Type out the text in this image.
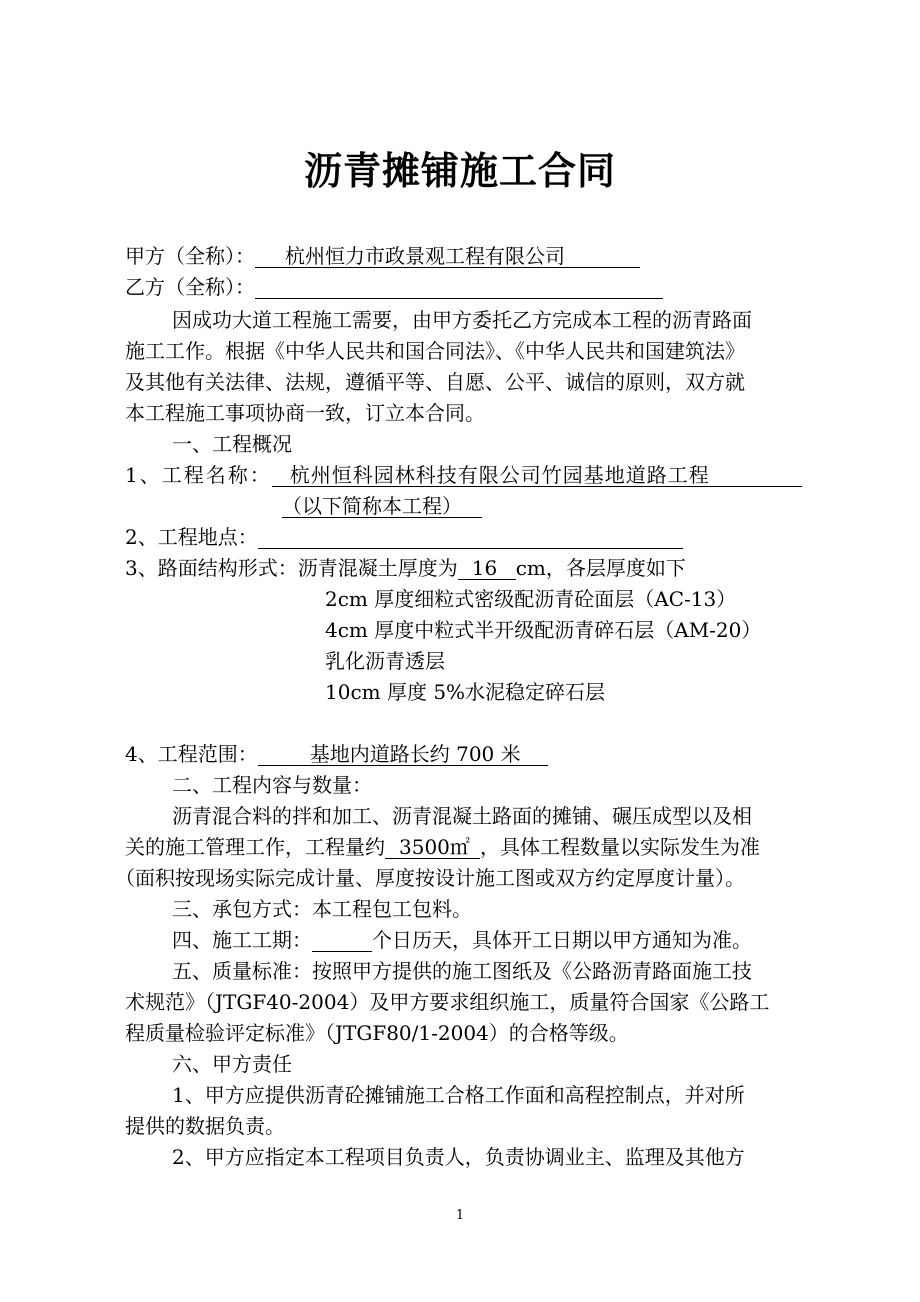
沥青摊铺施工合同
甲方（全称）： 杭州恒力市政景观工程有限公司
乙方（全称）：
因成功大道工程施工需要，由甲方委托乙方完成本工程的沥青路面
施工工作。根据《中华人民共和国合同法》、《中华人民共和国建筑法》
及其他有关法律、法规，遵循平等、自愿、公平、诚信的原则，双方就
本工程施工事项协商一致，订立本合同。
一、工程概况
1、工程名称： 杭州恒科园林科技有限公司竹园基地道路工程
（以下简称本工程）
2、工程地点：
3、路面结构形式：沥青混凝土厚度为 16 cm，各层厚度如下
2cm 厚度细粒式密级配沥青砼面层（AC-13）
4cm 厚度中粒式半开级配沥青碎石层（AM-20）
乳化沥青透层
10cm 厚度 5%水泥稳定碎石层
4、工程范围：	基地内道路长约 700 米
二、工程内容与数量：
沥青混合料的拌和加工、沥青混凝土路面的摊铺、碾压成型以及相
关的施工管理工作，工程量约 3500㎡ ，具体工程数量以实际发生为准
（面积按现场实际完成计量、厚度按设计施工图或双方约定厚度计量）。
三、承包方式：本工程包工包料。
四、施工工期：	个日历天，具体开工日期以甲方通知为准。
五、质量标准：按照甲方提供的施工图纸及《公路沥青路面施工技
术规范》（JTGF40-2004）及甲方要求组织施工，质量符合国家《公路工
程质量检验评定标准》（JTGF80/1-2004）的合格等级。
六、甲方责任
1、甲方应提供沥青砼摊铺施工合格工作面和高程控制点，并对所
提供的数据负责。
2、甲方应指定本工程项目负责人，负责协调业主、监理及其他方
1
